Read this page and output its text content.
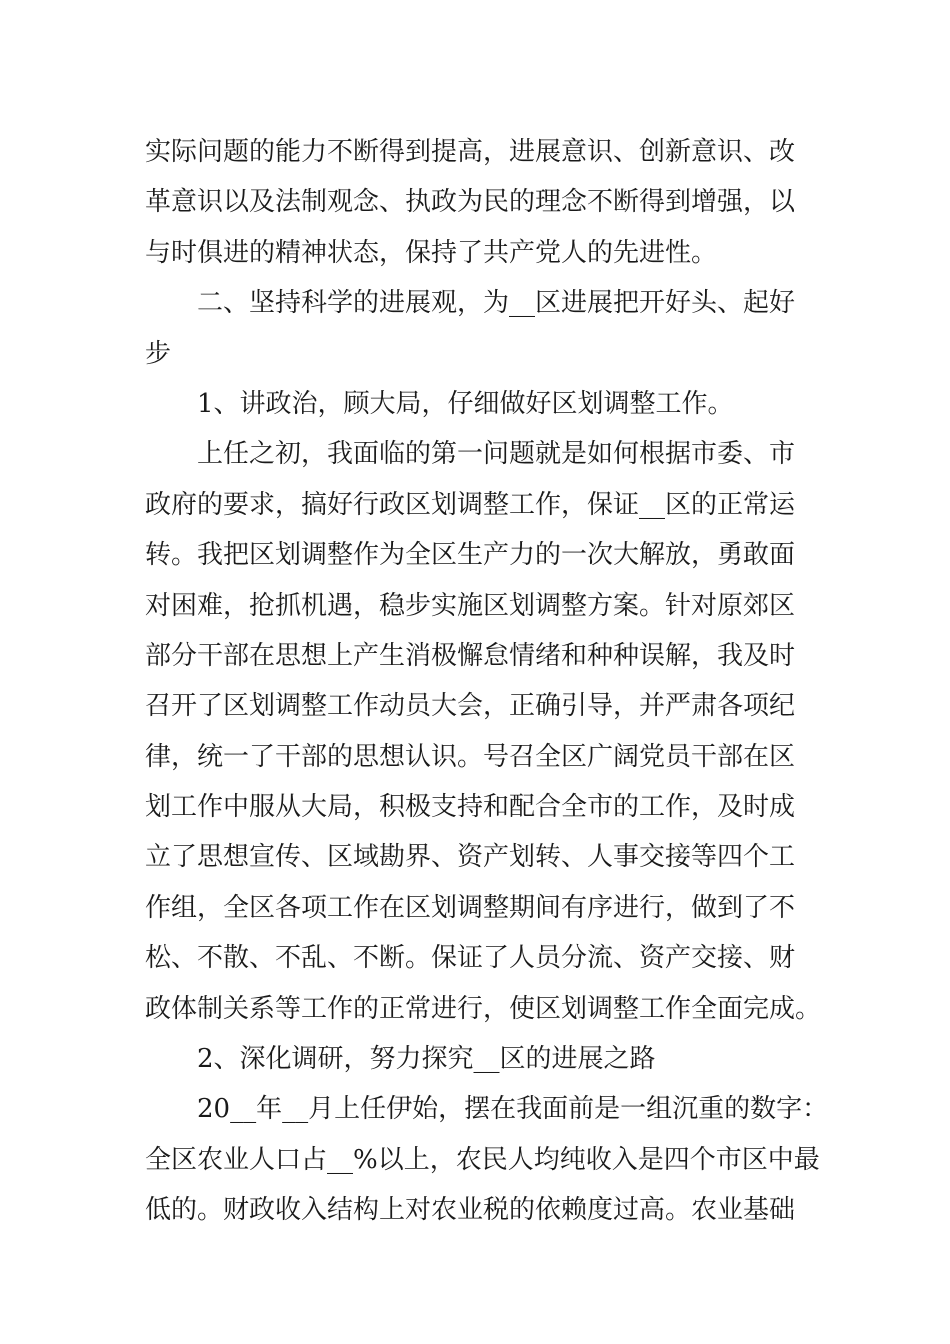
实际问题的能力不断得到提高，进展意识、创新意识、改
革意识以及法制观念、执政为民的理念不断得到增强，以
与时俱进的精神状态，保持了共产党人的先进性。
二、坚持科学的进展观，为__区进展把开好头、起好
步
1、讲政治，顾大局，仔细做好区划调整工作。
上任之初，我面临的第一问题就是如何根据市委、市
政府的要求，搞好行政区划调整工作，保证__区的正常运
转。我把区划调整作为全区生产力的一次大解放，勇敢面
对困难，抢抓机遇，稳步实施区划调整方案。针对原郊区
部分干部在思想上产生消极懈怠情绪和种种误解，我及时
召开了区划调整工作动员大会，正确引导，并严肃各项纪
律，统一了干部的思想认识。号召全区广阔党员干部在区
划工作中服从大局，积极支持和配合全市的工作，及时成
立了思想宣传、区域勘界、资产划转、人事交接等四个工
作组，全区各项工作在区划调整期间有序进行，做到了不
松、不散、不乱、不断。保证了人员分流、资产交接、财
政体制关系等工作的正常进行，使区划调整工作全面完成。
2、深化调研，努力探究__区的进展之路
20__年__月上任伊始，摆在我面前是一组沉重的数字：
全区农业人口占__%以上，农民人均纯收入是四个市区中最
低的。财政收入结构上对农业税的依赖度过高。农业基础
